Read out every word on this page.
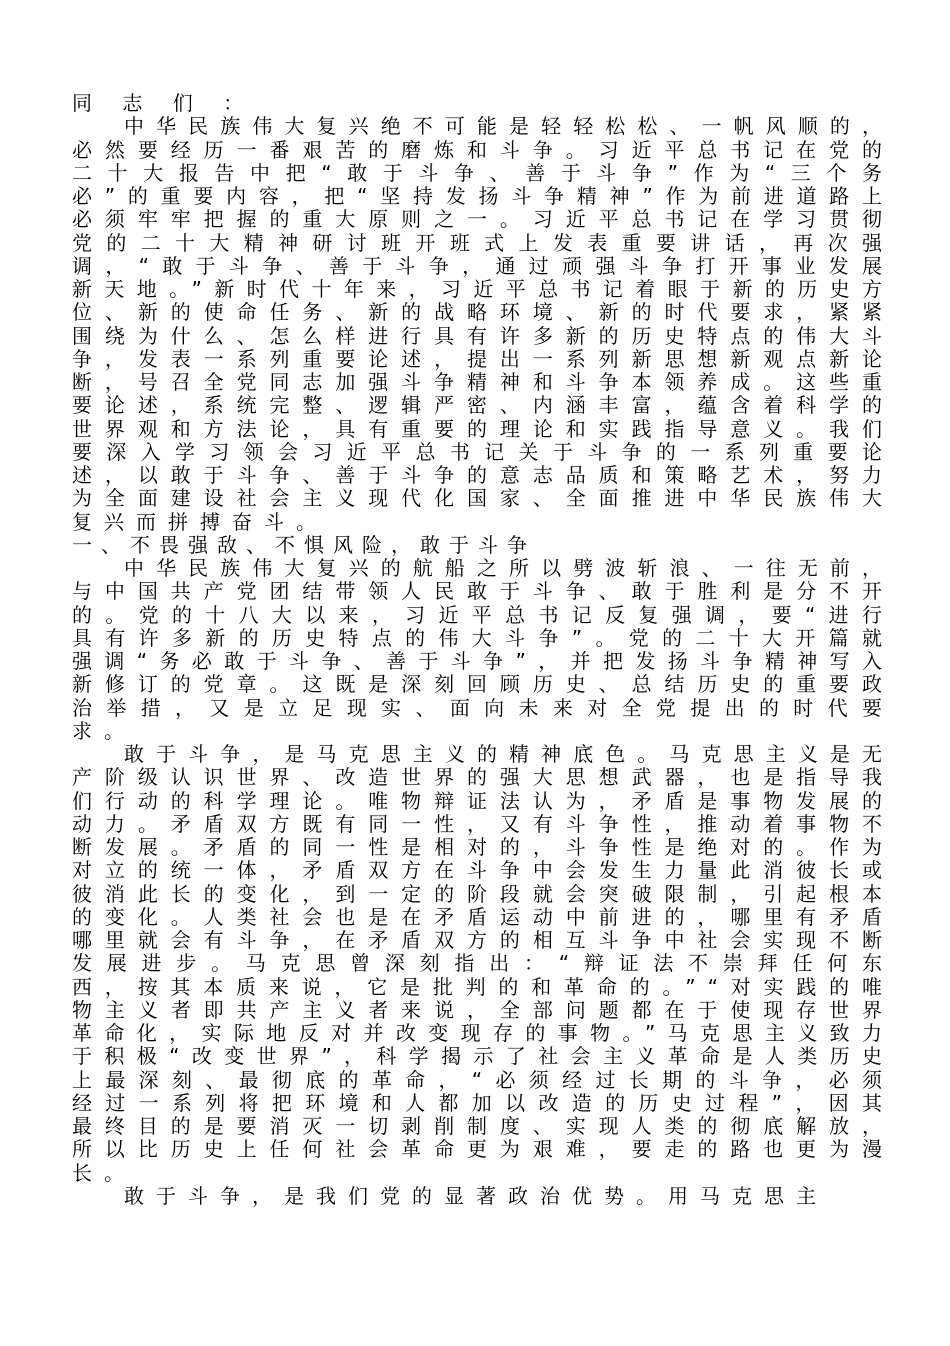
同 志 们 ：

中华民族伟大复兴绝不可能是轻轻松松、一帆风顺的，必然要经历一番艰苦的磨炼和斗争。习近平总书记在党的二十大报告中把“敢于斗争、善于斗争”作为“三个务必”的重要内容，把“坚持发扬斗争精神”作为前进道路上必须牢牢把握的重大原则之一。习近平总书记在学习贯彻党的二十大精神研讨班开班式上发表重要讲话，再次强调，“敢于斗争、善于斗争，通过顽强斗争打开事业发展新天地。”新时代十年来，习近平总书记着眼于新的历史方位、新的使命任务、新的战略环境、新的时代要求，紧紧围绕为什么、怎么样进行具有许多新的历史特点的伟大斗争，发表一系列重要论述，提出一系列新思想新观点新论断，号召全党同志加强斗争精神和斗争本领养成。这些重要论述，系统完整、逻辑严密、内涵丰富，蕴含着科学的世界观和方法论，具有重要的理论和实践指导意义。我们要深入学习领会习近平总书记关于斗争的一系列重要论述，以敢于斗争、善于斗争的意志品质和策略艺术，努力为全面建设社会主义现代化国家、全面推进中华民族伟大复兴而拼搏奋斗。

一、不畏强敌、不惧风险，敢于斗争

中华民族伟大复兴的航船之所以劈波斩浪、一往无前，与中国共产党团结带领人民敢于斗争、敢于胜利是分不开的。党的十八大以来，习近平总书记反复强调，要“进行具有许多新的历史特点的伟大斗争”。党的二十大开篇就强调“务必敢于斗争、善于斗争”，并把发扬斗争精神写入新修订的党章。这既是深刻回顾历史、总结历史的重要政治举措，又是立足现实、面向未来对全党提出的时代要求。

敢于斗争，是马克思主义的精神底色。马克思主义是无产阶级认识世界、改造世界的强大思想武器，也是指导我们行动的科学理论。唯物辩证法认为，矛盾是事物发展的动力。矛盾双方既有同一性，又有斗争性，推动着事物不断发展。矛盾的同一性是相对的，斗争性是绝对的。作为对立的统一体，矛盾双方在斗争中会发生力量此消彼长或彼消此长的变化，到一定的阶段就会突破限制，引起根本的变化。人类社会也是在矛盾运动中前进的，哪里有矛盾哪里就会有斗争，在矛盾双方的相互斗争中社会实现不断发展进步。马克思曾深刻指出：“辩证法不崇拜任何东西，按其本质来说，它是批判的和革命的。”“对实践的唯物主义者即共产主义者来说，全部问题都在于使现存世界革命化，实际地反对并改变现存的事物。”马克思主义致力于积极“改变世界”，科学揭示了社会主义革命是人类历史上最深刻、最彻底的革命，“必须经过长期的斗争，必须经过一系列将把环境和人都加以改造的历史过程”，因其最终目的是要消灭一切剥削制度、实现人类的彻底解放，所以比历史上任何社会革命更为艰难，要走的路也更为漫长。

敢于斗争，是我们党的显著政治优势。用马克思主
